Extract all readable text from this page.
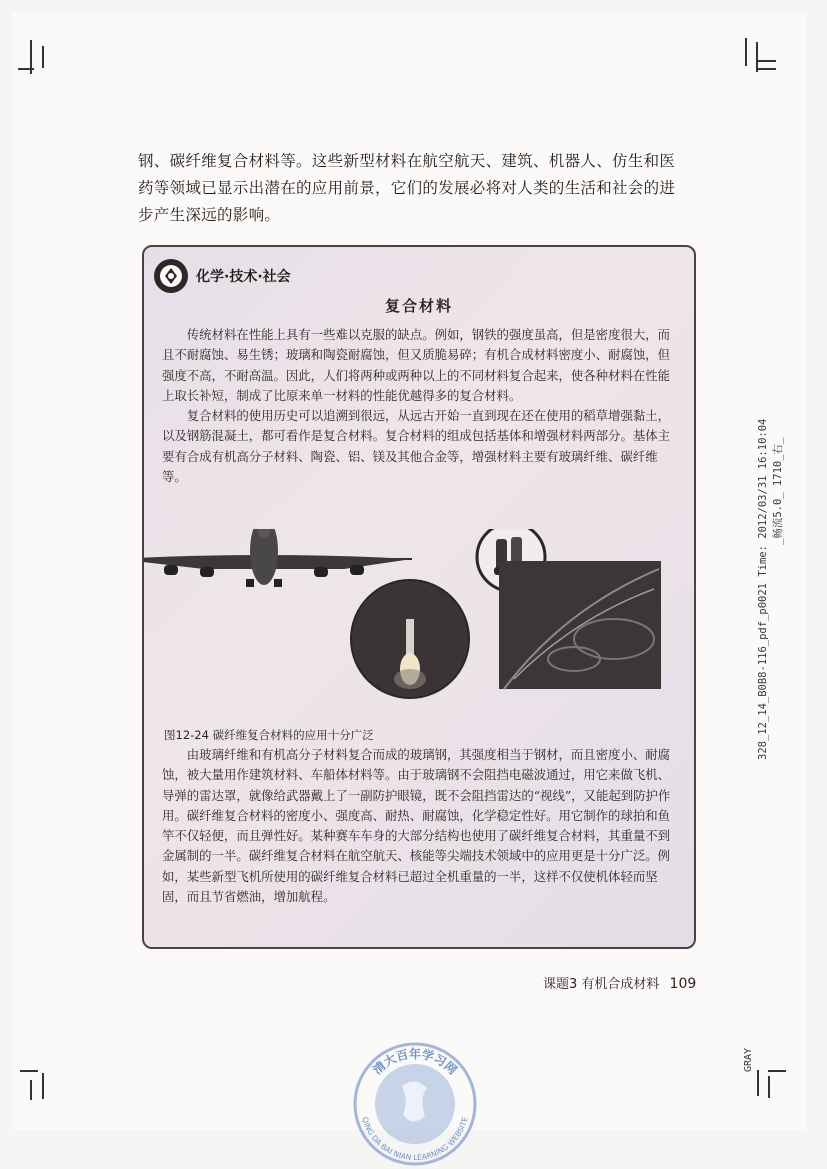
钢、碳纤维复合材料等。这些新型材料在航空航天、建筑、机器人、仿生和医药等领域已显示出潜在的应用前景，它们的发展必将对人类的生活和社会的进步产生深远的影响。
化学·技术·社会
复合材料

传统材料在性能上具有一些难以克服的缺点。例如，钢铁的强度虽高，但是密度很大，而且不耐腐蚀、易生锈；玻璃和陶瓷耐腐蚀，但又质脆易碎；有机合成材料密度小、耐腐蚀，但强度不高，不耐高温。因此，人们将两种或两种以上的不同材料复合起来，使各种材料在性能上取长补短，制成了比原来单一材料的性能优越得多的复合材料。

复合材料的使用历史可以追溯到很远，从远古开始一直到现在还在使用的稻草增强黏土，以及钢筋混凝土，都可看作是复合材料。复合材料的组成包括基体和增强材料两部分。基体主要有合成有机高分子材料、陶瓷、铝、镁及其他合金等，增强材料主要有玻璃纤维、碳纤维等。

图12-24 碳纤维复合材料的应用十分广泛

由玻璃纤维和有机高分子材料复合而成的玻璃钢，其强度相当于钢材，而且密度小、耐腐蚀，被大量用作建筑材料、车船体材料等。由于玻璃钢不会阻挡电磁波通过，用它来做飞机、导弹的雷达罩，就像给武器戴上了一副防护眼镜，既不会阻挡雷达的“视线”，又能起到防护作用。碳纤维复合材料的密度小、强度高、耐热、耐腐蚀，化学稳定性好。用它制作的球拍和鱼竿不仅轻便，而且弹性好。某种赛车车身的大部分结构也使用了碳纤维复合材料，其重量不到金属制的一半。碳纤维复合材料在航空航天、核能等尖端技术领域中的应用更是十分广泛。例如，某些新型飞机所使用的碳纤维复合材料已超过全机重量的一半，这样不仅使机体轻而坚固，而且节省燃油，增加航程。

课题3 有机合成材料 109
_畅流5.0_ 1710_右_
328_12_14_B0B8-116_pdf_p0021 Time: 2012/03/31 16:10:04
GRAY
清大百年学习网
QING DA BAI NIAN LEARNING WEBSITE
